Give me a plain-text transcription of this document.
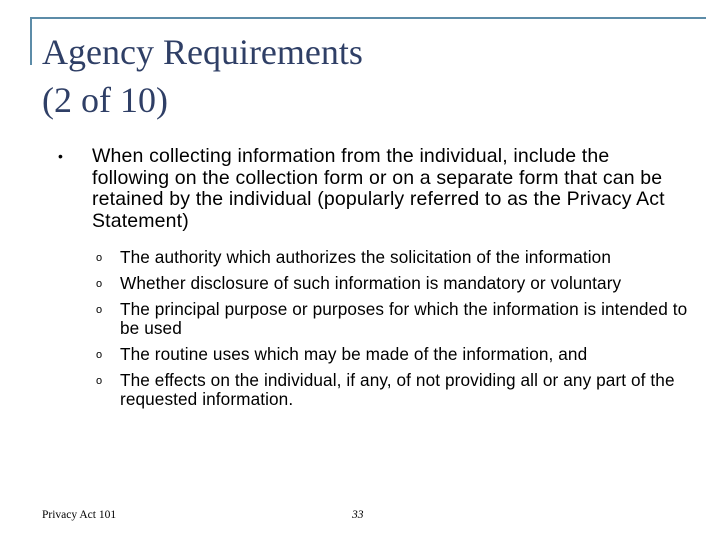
Agency Requirements
(2 of 10)
• When collecting information from the individual, include the following on the collection form or on a separate form that can be retained by the individual (popularly referred to as the Privacy Act Statement)
o The authority which authorizes the solicitation of the information
o Whether disclosure of such information is mandatory or voluntary
o The principal purpose or purposes for which the information is intended to be used
o The routine uses which may be made of the information, and
o The effects on the individual, if any, of not providing all or any part of the requested information.
Privacy Act 101	33
